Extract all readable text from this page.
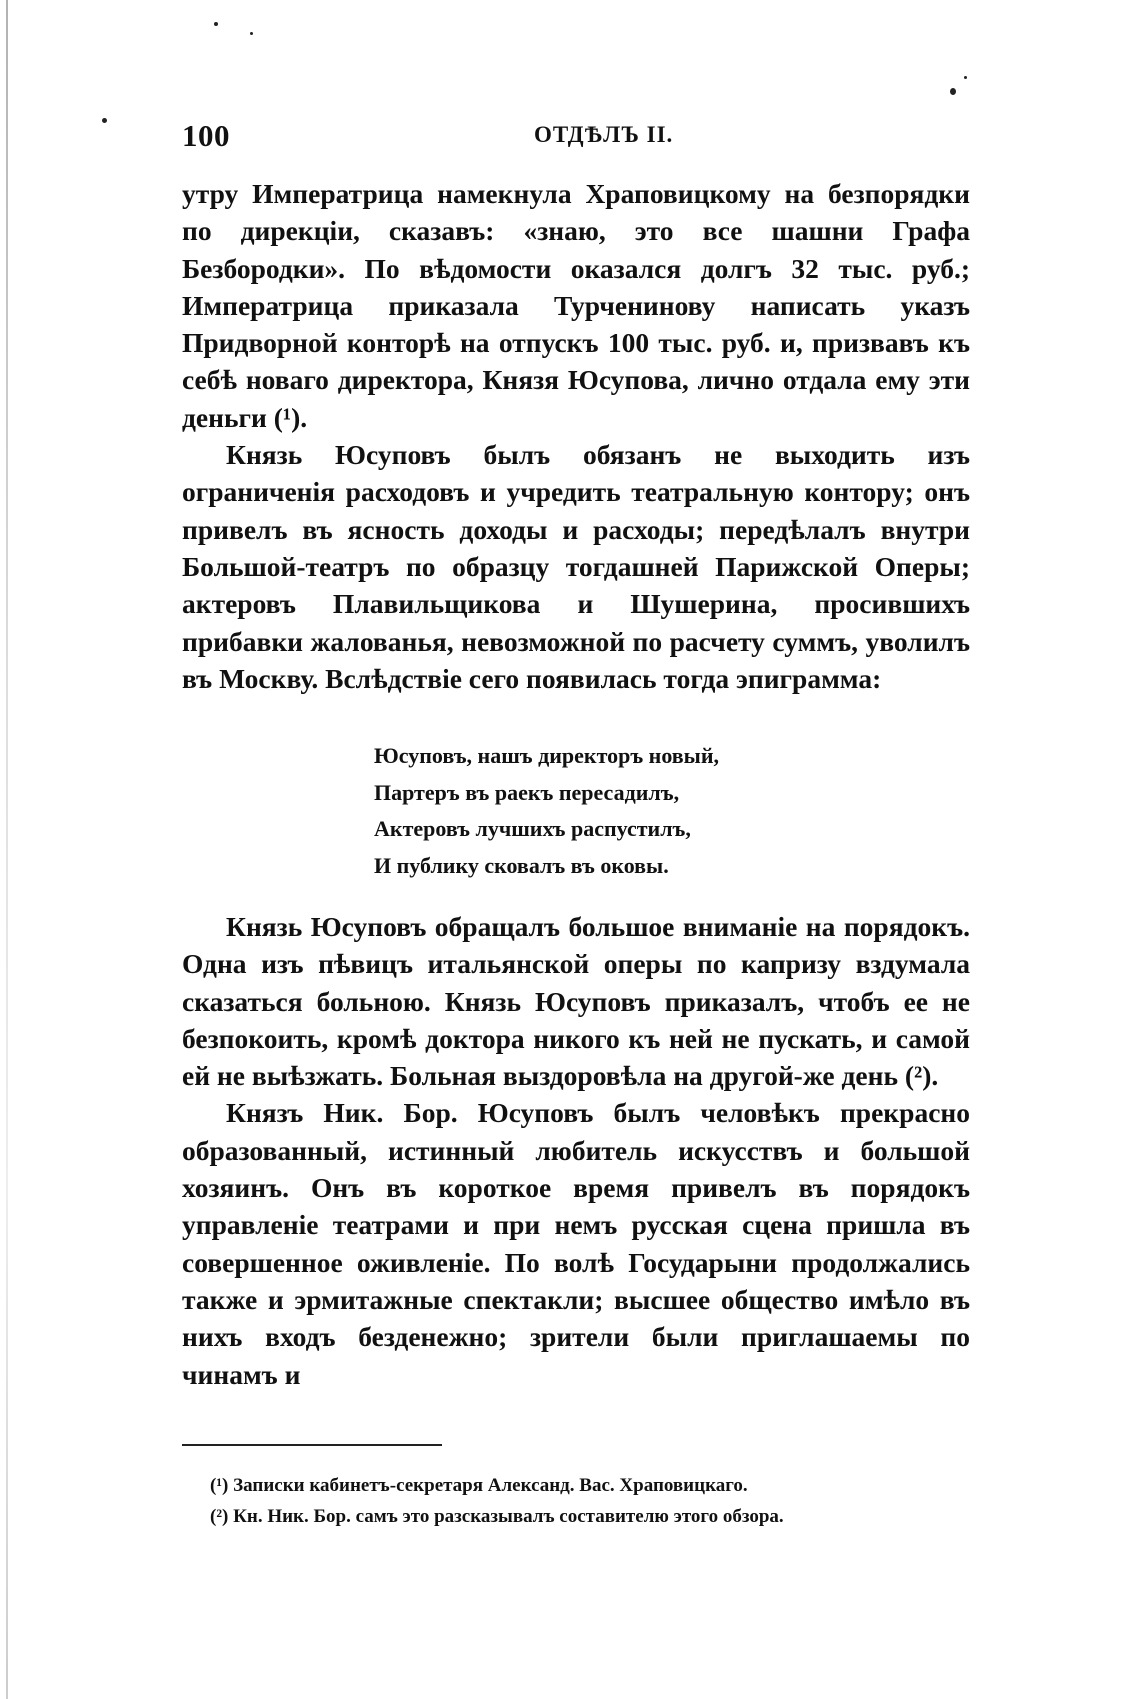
100	ОТДѢЛЪ II.

утру Императрица намекнула Храповицкому на безпорядки по дирекціи, сказавъ: «знаю, это все шашни Графа Безбородки». По вѣдомости оказался долгъ 32 тыс. руб.; Императрица приказала Турченинову написать указъ Придворной конторѣ на отпускъ 100 тыс. руб. и, призвавъ къ себѣ новаго директора, Князя Юсупова, лично отдала ему эти деньги (¹).

Князь Юсуповъ былъ обязанъ не выходить изъ ограниченія расходовъ и учредить театральную контору; онъ привелъ въ ясность доходы и расходы; передѣлалъ внутри Большой-театръ по образцу тогдашней Парижской Оперы; актеровъ Плавильщикова и Шушерина, просившихъ прибавки жалованья, невозможной по расчету суммъ, уволилъ въ Москву. Вслѣдствіе сего появилась тогда эпиграмма:

Юсуповъ, нашъ директоръ новый,
Партеръ въ раекъ пересадилъ,
Актеровъ лучшихъ распустилъ,
И публику сковалъ въ оковы.

Князь Юсуповъ обращалъ большое вниманіе на порядокъ. Одна изъ пѣвицъ итальянской оперы по капризу вздумала сказаться больною. Князь Юсуповъ приказалъ, чтобъ ее не безпокоить, кромѣ доктора никого къ ней не пускать, и самой ей не выѣзжать. Больная выздоровѣла на другой-же день (²).

Князъ Ник. Бор. Юсуповъ былъ человѣкъ прекрасно образованный, истинный любитель искусствъ и большой хозяинъ. Онъ въ короткое время привелъ въ порядокъ управленіе театрами и при немъ русская сцена пришла въ совершенное оживленіе. По волѣ Государыни продолжались также и эрмитажные спектакли; высшее общество имѣло въ нихъ входъ безденежно; зрители были приглашаемы по чинамъ и

(¹) Записки кабинетъ-секретаря Александ. Вас. Храповицкаго.
(²) Кн. Ник. Бор. самъ это разсказывалъ составителю этого обзора.
